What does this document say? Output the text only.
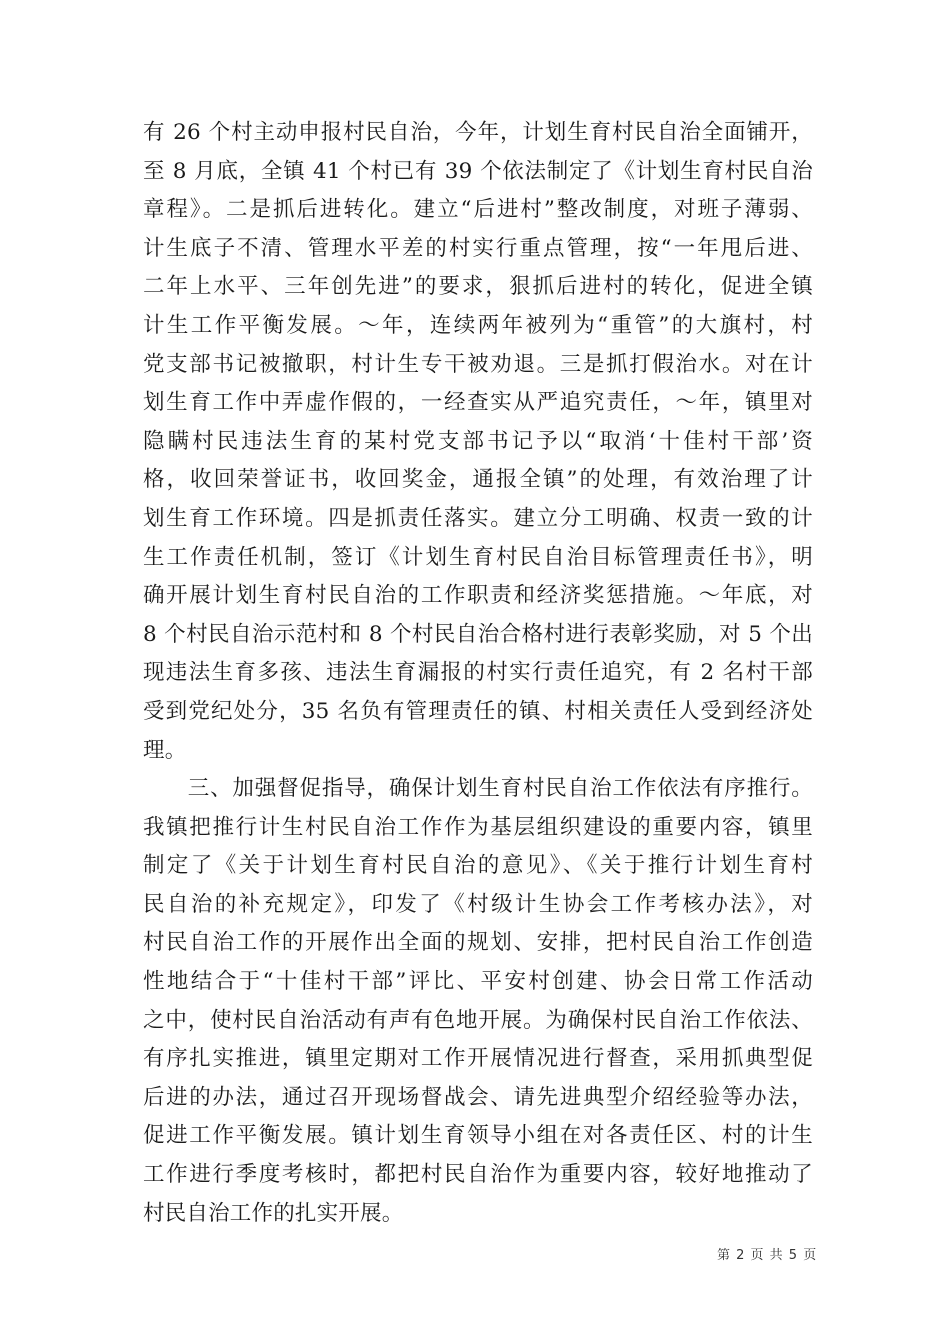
有 26 个村主动申报村民自治，今年，计划生育村民自治全面铺开，
至 8 月底，全镇 41 个村已有 39 个依法制定了《计划生育村民自治
章程》。二是抓后进转化。建立“后进村”整改制度，对班子薄弱、
计生底子不清、管理水平差的村实行重点管理，按“一年甩后进、
二年上水平、三年创先进”的要求，狠抓后进村的转化，促进全镇
计生工作平衡发展。～年，连续两年被列为“重管”的大旗村，村
党支部书记被撤职，村计生专干被劝退。三是抓打假治水。对在计
划生育工作中弄虚作假的，一经查实从严追究责任，～年，镇里对
隐瞒村民违法生育的某村党支部书记予以“取消‘十佳村干部’资
格，收回荣誉证书，收回奖金，通报全镇”的处理，有效治理了计
划生育工作环境。四是抓责任落实。建立分工明确、权责一致的计
生工作责任机制，签订《计划生育村民自治目标管理责任书》，明
确开展计划生育村民自治的工作职责和经济奖惩措施。～年底，对
8 个村民自治示范村和 8 个村民自治合格村进行表彰奖励，对 5 个出
现违法生育多孩、违法生育漏报的村实行责任追究，有 2 名村干部
受到党纪处分，35 名负有管理责任的镇、村相关责任人受到经济处
理。
　　三、加强督促指导，确保计划生育村民自治工作依法有序推行。
我镇把推行计生村民自治工作作为基层组织建设的重要内容，镇里
制定了《关于计划生育村民自治的意见》、《关于推行计划生育村
民自治的补充规定》，印发了《村级计生协会工作考核办法》，对
村民自治工作的开展作出全面的规划、安排，把村民自治工作创造
性地结合于“十佳村干部”评比、平安村创建、协会日常工作活动
之中，使村民自治活动有声有色地开展。为确保村民自治工作依法、
有序扎实推进，镇里定期对工作开展情况进行督查，采用抓典型促
后进的办法，通过召开现场督战会、请先进典型介绍经验等办法，
促进工作平衡发展。镇计划生育领导小组在对各责任区、村的计生
工作进行季度考核时，都把村民自治作为重要内容，较好地推动了
村民自治工作的扎实开展。
第 2 页 共 5 页
